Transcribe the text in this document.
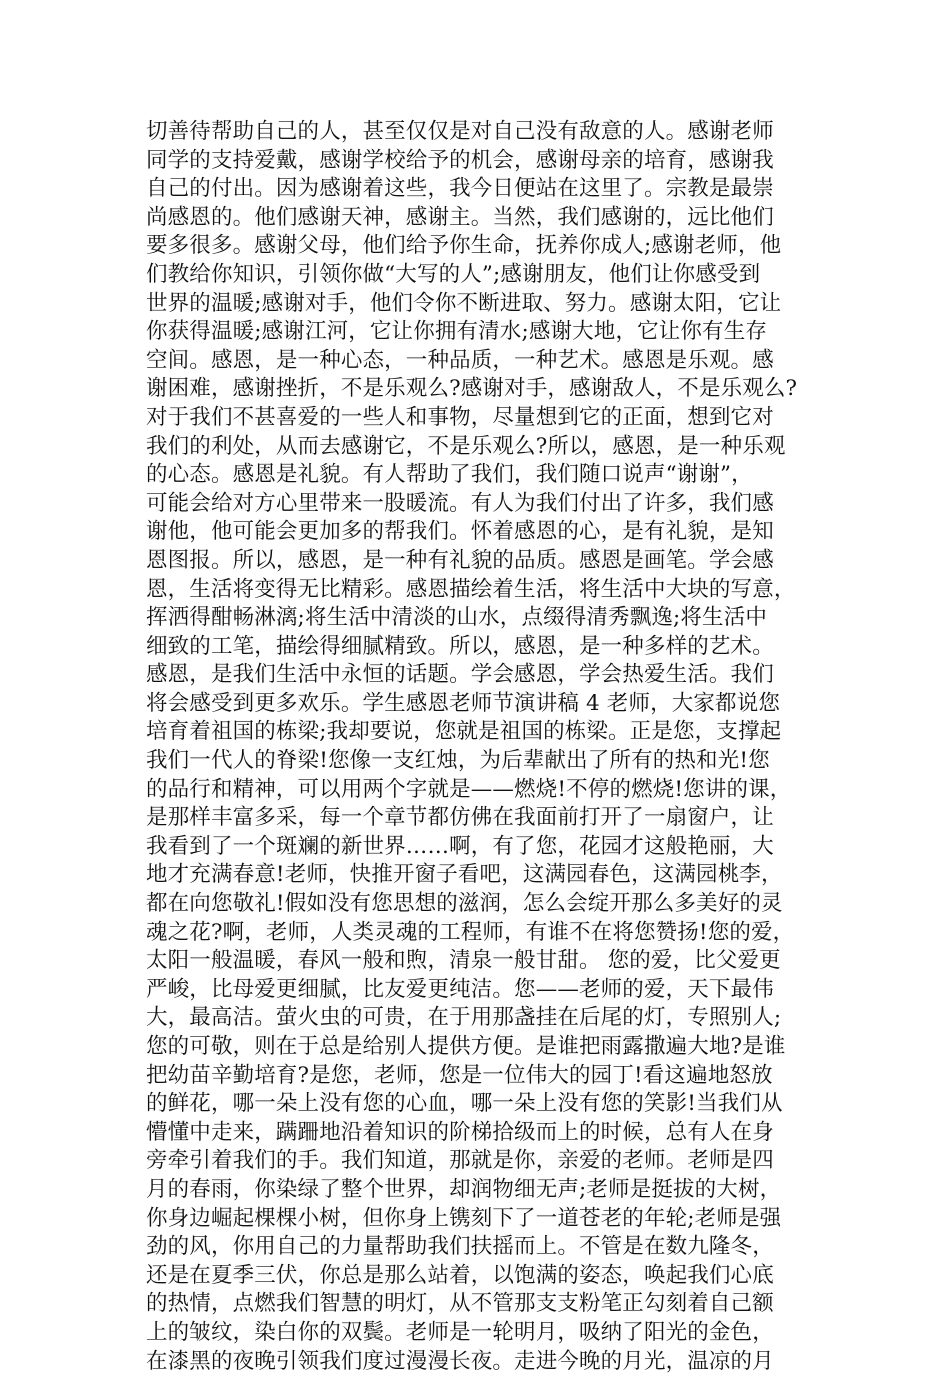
切善待帮助自己的人，甚至仅仅是对自己没有敌意的人。感谢老师
同学的支持爱戴，感谢学校给予的机会，感谢母亲的培育，感谢我
自己的付出。因为感谢着这些，我今日便站在这里了。宗教是最崇
尚感恩的。他们感谢天神，感谢主。当然，我们感谢的，远比他们
要多很多。感谢父母，他们给予你生命，抚养你成人;感谢老师，他
们教给你知识，引领你做“大写的人”;感谢朋友，他们让你感受到
世界的温暖;感谢对手，他们令你不断进取、努力。感谢太阳，它让
你获得温暖;感谢江河，它让你拥有清水;感谢大地，它让你有生存
空间。感恩，是一种心态，一种品质，一种艺术。感恩是乐观。感
谢困难，感谢挫折，不是乐观么?感谢对手，感谢敌人，不是乐观么?
对于我们不甚喜爱的一些人和事物，尽量想到它的正面，想到它对
我们的利处，从而去感谢它，不是乐观么?所以，感恩，是一种乐观
的心态。感恩是礼貌。有人帮助了我们，我们随口说声“谢谢”，
可能会给对方心里带来一股暖流。有人为我们付出了许多，我们感
谢他，他可能会更加多的帮我们。怀着感恩的心，是有礼貌，是知
恩图报。所以，感恩，是一种有礼貌的品质。感恩是画笔。学会感
恩，生活将变得无比精彩。感恩描绘着生活，将生活中大块的写意，
挥洒得酣畅淋漓;将生活中清淡的山水，点缀得清秀飘逸;将生活中
细致的工笔，描绘得细腻精致。所以，感恩，是一种多样的艺术。
感恩，是我们生活中永恒的话题。学会感恩，学会热爱生活。我们
将会感受到更多欢乐。学生感恩老师节演讲稿 4 老师，大家都说您
培育着祖国的栋梁;我却要说，您就是祖国的栋梁。正是您，支撑起
我们一代人的脊梁!您像一支红烛，为后辈献出了所有的热和光!您
的品行和精神，可以用两个字就是——燃烧!不停的燃烧!您讲的课，
是那样丰富多采，每一个章节都仿佛在我面前打开了一扇窗户，让
我看到了一个斑斓的新世界……啊，有了您，花园才这般艳丽，大
地才充满春意!老师，快推开窗子看吧，这满园春色，这满园桃李，
都在向您敬礼!假如没有您思想的滋润，怎么会绽开那么多美好的灵
魂之花?啊，老师，人类灵魂的工程师，有谁不在将您赞扬!您的爱，
太阳一般温暖，春风一般和煦，清泉一般甘甜。 您的爱，比父爱更
严峻，比母爱更细腻，比友爱更纯洁。您——老师的爱，天下最伟
大，最高洁。萤火虫的可贵，在于用那盏挂在后尾的灯，专照别人;
您的可敬，则在于总是给别人提供方便。是谁把雨露撒遍大地?是谁
把幼苗辛勤培育?是您，老师，您是一位伟大的园丁!看这遍地怒放
的鲜花，哪一朵上没有您的心血，哪一朵上没有您的笑影!当我们从
懵懂中走来，蹒跚地沿着知识的阶梯拾级而上的时候，总有人在身
旁牵引着我们的手。我们知道，那就是你，亲爱的老师。老师是四
月的春雨，你染绿了整个世界，却润物细无声;老师是挺拔的大树，
你身边崛起棵棵小树，但你身上镌刻下了一道苍老的年轮;老师是强
劲的风，你用自己的力量帮助我们扶摇而上。不管是在数九隆冬，
还是在夏季三伏，你总是那么站着，以饱满的姿态，唤起我们心底
的热情，点燃我们智慧的明灯，从不管那支支粉笔正勾刻着自己额
上的皱纹，染白你的双鬓。老师是一轮明月，吸纳了阳光的金色，
在漆黑的夜晚引领我们度过漫漫长夜。走进今晚的月光，温凉的月
